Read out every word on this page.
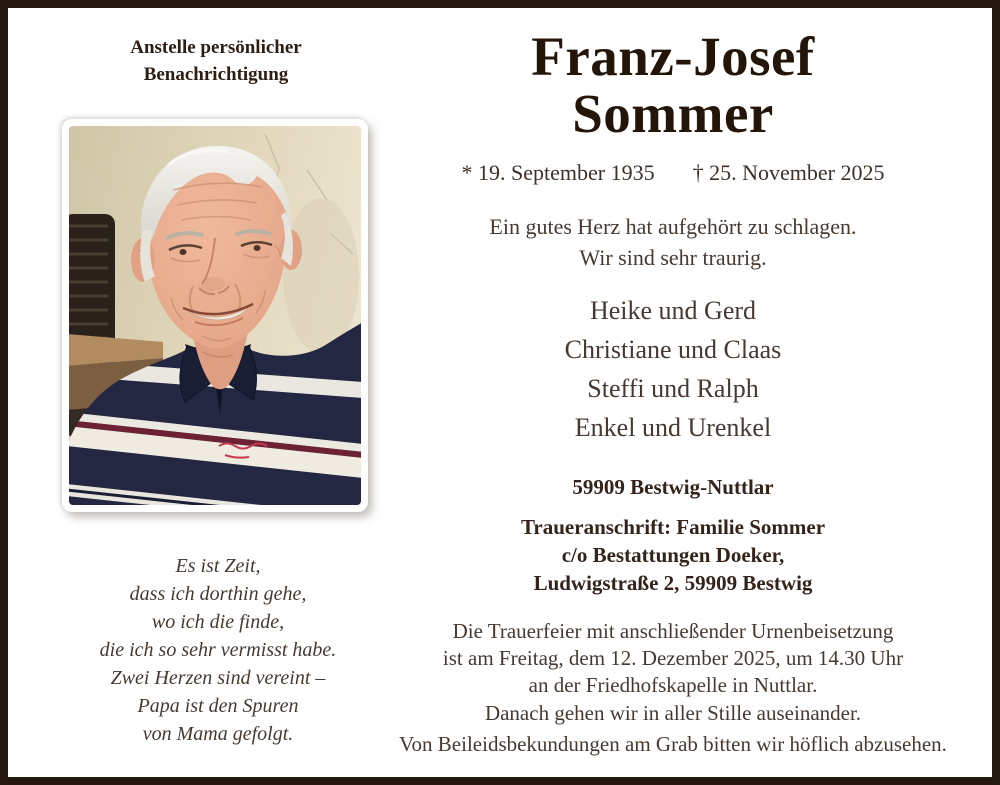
Anstelle persönlicher
Benachrichtigung
Es ist Zeit,
dass ich dorthin gehe,
wo ich die finde,
die ich so sehr vermisst habe.
Zwei Herzen sind vereint –
Papa ist den Spuren
von Mama gefolgt.
Franz-Josef
Sommer
* 19. September 1935 † 25. November 2025
Ein gutes Herz hat aufgehört zu schlagen.
Wir sind sehr traurig.
Heike und Gerd
Christiane und Claas
Steffi und Ralph
Enkel und Urenkel
59909 Bestwig-Nuttlar
Traueranschrift: Familie Sommer
c/o Bestattungen Doeker,
Ludwigstraße 2, 59909 Bestwig
Die Trauerfeier mit anschließender Urnenbeisetzung
ist am Freitag, dem 12. Dezember 2025, um 14.30 Uhr
an der Friedhofskapelle in Nuttlar.
Danach gehen wir in aller Stille auseinander.
Von Beileidsbekundungen am Grab bitten wir höflich abzusehen.
